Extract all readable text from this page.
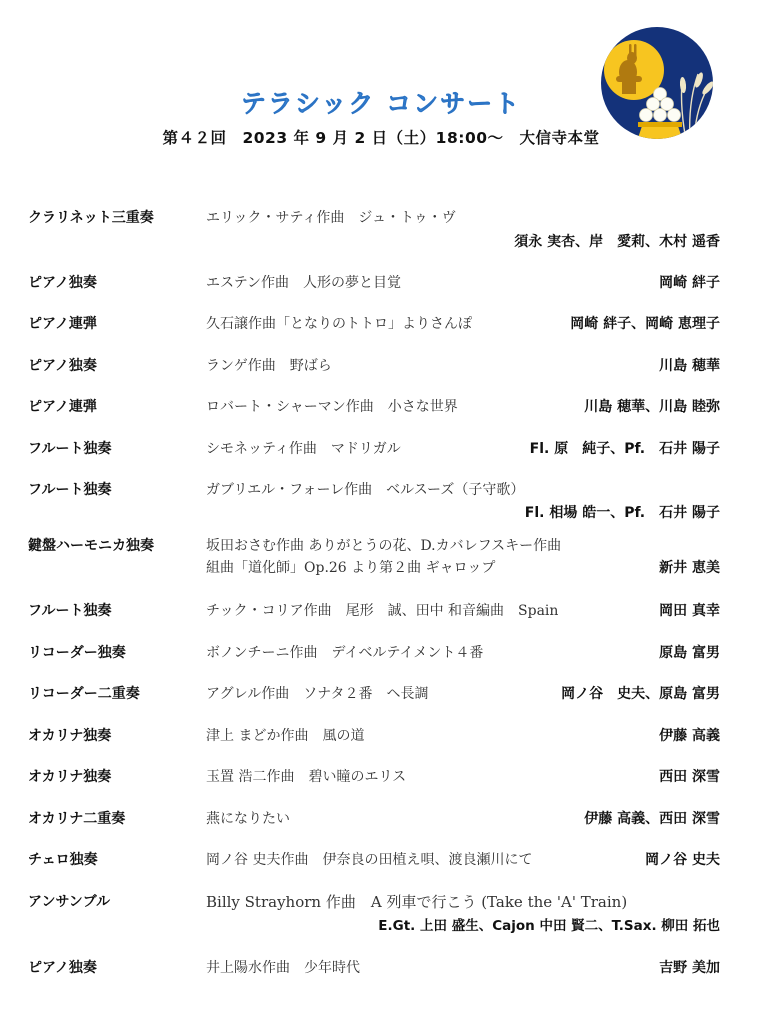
テラシック コンサート
第４２回　2023 年 9 月 2 日（土）18:00～　大信寺本堂
クラリネット三重奏	エリック・サティ作曲　ジュ・トゥ・ヴ
須永 実杏、岸　愛莉、木村 遥香
ピアノ独奏	エステン作曲　人形の夢と目覚	岡崎 絆子
ピアノ連弾	久石譲作曲「となりのトトロ」よりさんぽ	岡崎 絆子、岡崎 恵理子
ピアノ独奏	ランゲ作曲　野ばら	川島 穂華
ピアノ連弾	ロバート・シャーマン作曲　小さな世界	川島 穂華、川島 睦弥
フルート独奏	シモネッティ作曲　マドリガル	Fl. 原　純子、Pf.　石井 陽子
フルート独奏	ガブリエル・フォーレ作曲　ベルスーズ（子守歌）
Fl. 相場 皓一、Pf.　石井 陽子
鍵盤ハーモニカ独奏	坂田おさむ作曲 ありがとうの花、D.カバレフスキー作曲
組曲「道化師」Op.26 より第２曲 ギャロップ	新井 恵美
フルート独奏	チック・コリア作曲　尾形　誠、田中 和音編曲　Spain	岡田 真幸
リコーダー独奏	ボノンチーニ作曲　デイベルテイメント４番	原島 富男
リコーダー二重奏	アグレル作曲　ソナタ２番　ヘ長調	岡ノ谷　史夫、原島 富男
オカリナ独奏	津上 まどか作曲　風の道	伊藤 高義
オカリナ独奏	玉置 浩二作曲　碧い瞳のエリス	西田 深雪
オカリナ二重奏	燕になりたい	伊藤 高義、西田 深雪
チェロ独奏	岡ノ谷 史夫作曲　伊奈良の田植え唄、渡良瀬川にて	岡ノ谷 史夫
アンサンブル	Billy Strayhorn 作曲　A 列車で行こう (Take the 'A' Train)
E.Gt. 上田 盛生、Cajon 中田 賢二、T.Sax. 柳田 拓也
ピアノ独奏	井上陽水作曲　少年時代	吉野 美加
